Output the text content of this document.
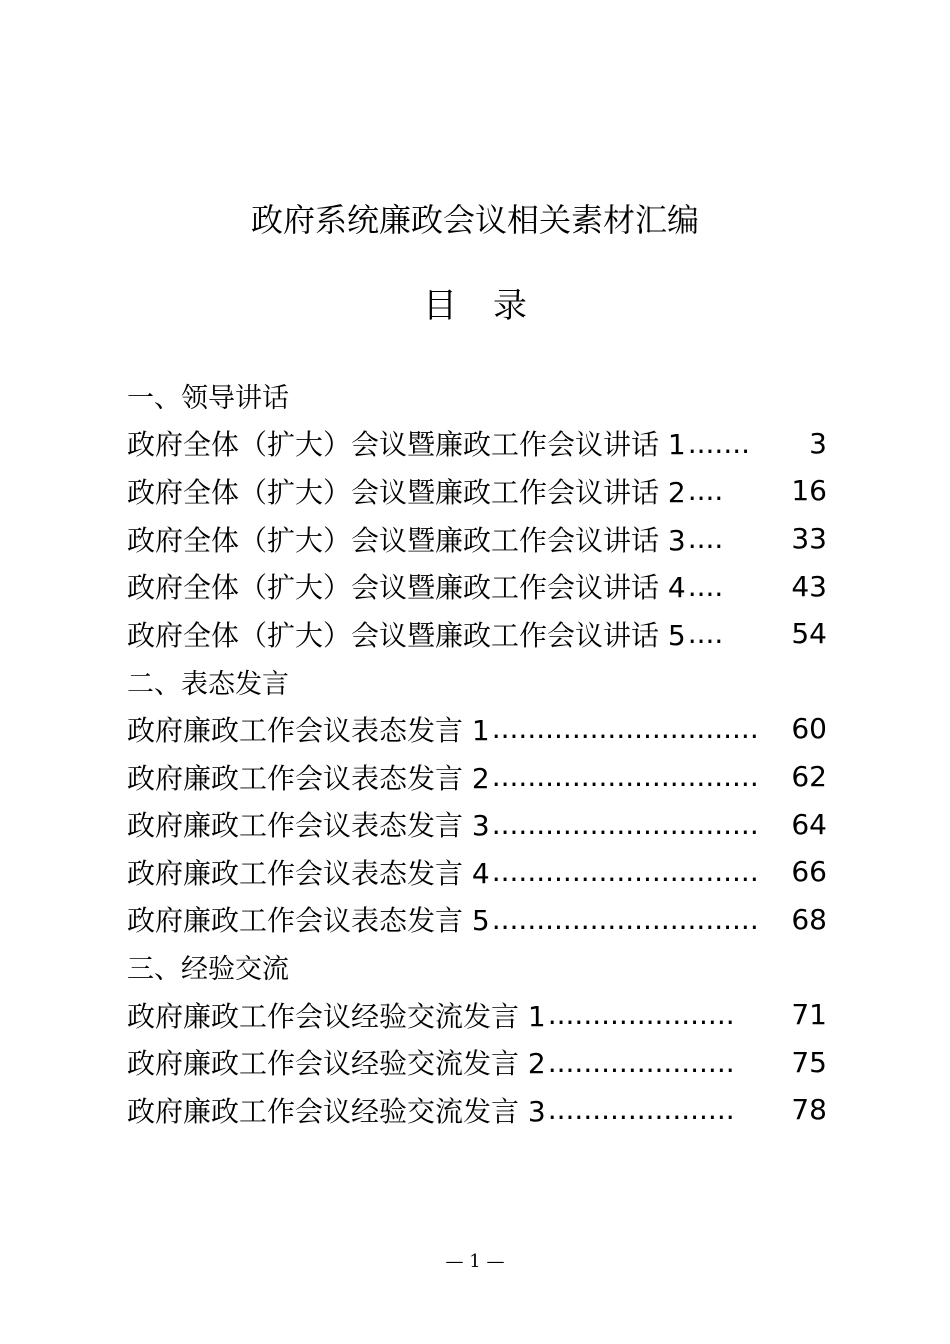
政府系统廉政会议相关素材汇编
目 录
一、领导讲话
政府全体（扩大）会议暨廉政工作会议讲话 1 .......	3
政府全体（扩大）会议暨廉政工作会议讲话 2 ....	16
政府全体（扩大）会议暨廉政工作会议讲话 3 ....	33
政府全体（扩大）会议暨廉政工作会议讲话 4 ....	43
政府全体（扩大）会议暨廉政工作会议讲话 5 ....	54
二、表态发言
政府廉政工作会议表态发言 1 ..............................	60
政府廉政工作会议表态发言 2 ..............................	62
政府廉政工作会议表态发言 3 ..............................	64
政府廉政工作会议表态发言 4 ..............................	66
政府廉政工作会议表态发言 5 ..............................	68
三、经验交流
政府廉政工作会议经验交流发言 1 .....................	71
政府廉政工作会议经验交流发言 2 .....................	75
政府廉政工作会议经验交流发言 3 .....................	78
— 1 —
